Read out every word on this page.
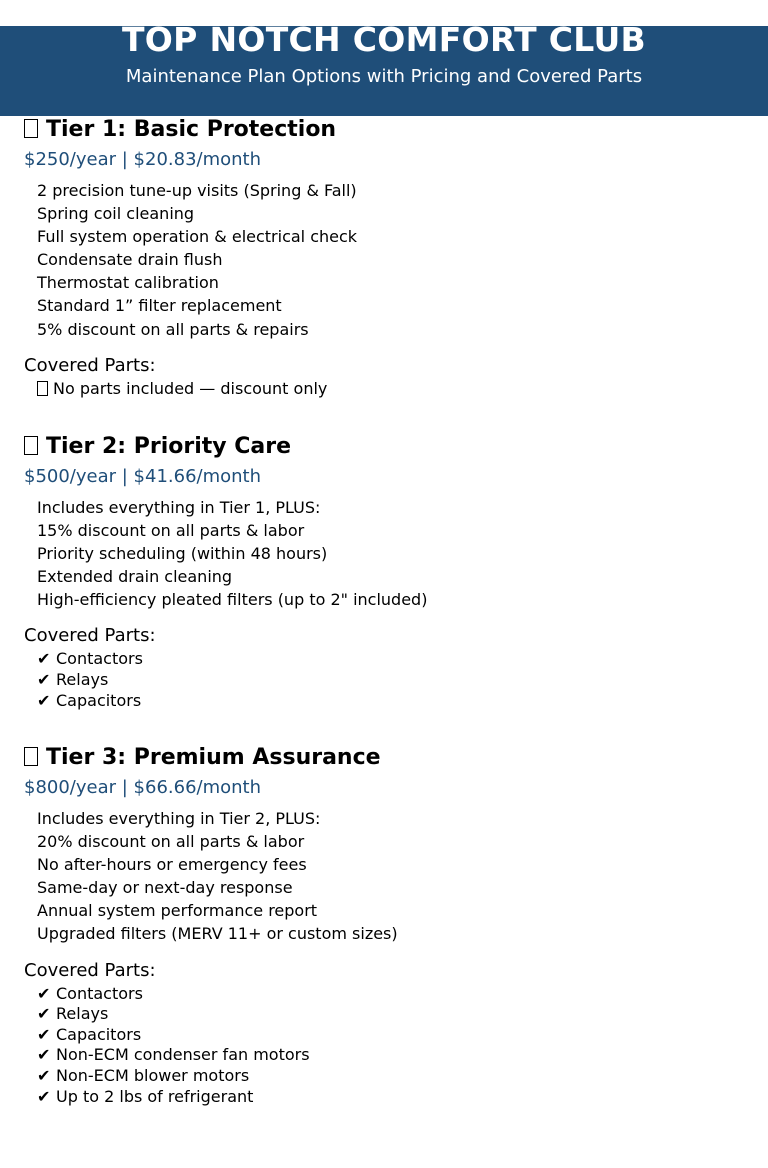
TOP NOTCH COMFORT CLUB
Maintenance Plan Options with Pricing and Covered Parts
Tier 1: Basic Protection
$250/year | $20.83/month
2 precision tune-up visits (Spring & Fall)
Spring coil cleaning
Full system operation & electrical check
Condensate drain flush
Thermostat calibration
Standard 1” filter replacement
5% discount on all parts & repairs
Covered Parts:
No parts included — discount only
Tier 2: Priority Care
$500/year | $41.66/month
Includes everything in Tier 1, PLUS:
15% discount on all parts & labor
Priority scheduling (within 48 hours)
Extended drain cleaning
High-efficiency pleated filters (up to 2" included)
Covered Parts:
✔ Contactors
✔ Relays
✔ Capacitors
Tier 3: Premium Assurance
$800/year | $66.66/month
Includes everything in Tier 2, PLUS:
20% discount on all parts & labor
No after-hours or emergency fees
Same-day or next-day response
Annual system performance report
Upgraded filters (MERV 11+ or custom sizes)
Covered Parts:
✔ Contactors
✔ Relays
✔ Capacitors
✔ Non-ECM condenser fan motors
✔ Non-ECM blower motors
✔ Up to 2 lbs of refrigerant
